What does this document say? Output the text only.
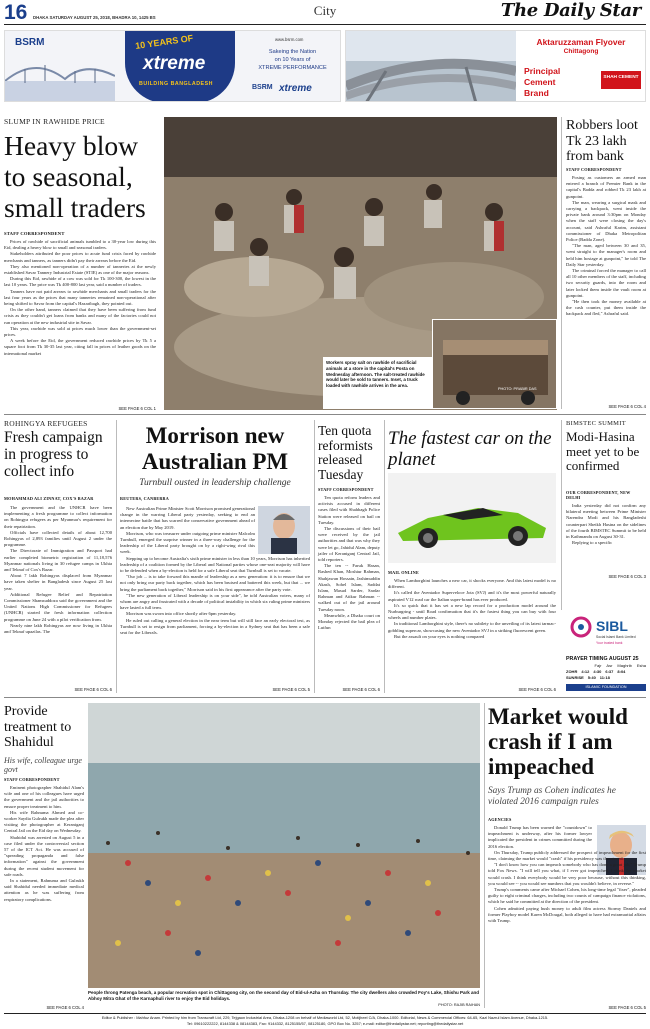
16 DHAKA SATURDAY AUGUST 25, 2018, BHADRA 10, 1425 BS	City	The Daily Star
BSRM	10 YEARS OF
xtreme
BUILDING BANGLADESH
www.bsrm.com
Sakeing the Nation
on 10 Years of
XTREME PERFORMANCE
BSRM xtreme
Aktaruzzaman Flyover
Chittagong
Principal
Cement
Brand
SHAH CEMENT
SLUMP IN RAWHIDE PRICE
Heavy blow to seasonal, small traders
STAFF CORRESPONDENT

Prices of rawhide of sacrificial animals tumbled to a 30-year low during this Eid, dealing a heavy blow to small and seasonal traders.

Stakeholders attributed the poor prices to acute fund crisis faced by rawhide merchants and tanners, as tanners didn't pay their arrears before the Eid.

They also mentioned non-operation of a number of tanneries at the newly established Savar Tannery Industrial Estate (STIE) as one of the major reasons.

During this Eid, rawhide of a cow was sold for Tk 100-300, the lowest in the last 10 years. The price was Tk 400-800 last year, said a number of traders.

Tanners have not paid arrears to rawhide merchants and small traders for the last four years as the prices that many tanneries remained non-operational after being shifted to Savar from the capital's Hazaribagh, they pointed out.

On the other hand, tanners claimed that they have been suffering from fund crisis as they couldn't get loans from banks and many of the factories could not run operation at the new industrial site in Savar.

This year, rawhide was sold at prices much lower than the government-set prices.

A week before the Eid, the government reduced rawhide prices by Tk 5 a square foot from Tk 30-35 last year, citing fall in prices of leather goods on the international market

SEE PAGE 6 COL 1
Workers spray salt on rawhide of sacrificial animals at a store in the capital's Posta on Wednesday afternoon. The salt-treated rawhide would later be sold to tanners. Inset, a truck loaded with rawhide arrives in the area.
PHOTO: PRABIR DAS
Robbers loot Tk 23 lakh from bank
STAFF CORRESPONDENT

Posing as customers an armed man entered a branch of Premier Bank in the capital's Badda and robbed Tk 23 lakh at gunpoint.

The man, wearing a surgical mask and carrying a backpack, went inside the private bank around 3:30pm on Monday when the staff were closing the day's account, said Ashraful Karim, assistant commissioner of Dhaka Metropolitan Police (Badda Zone).

"The man, aged between 30 and 35, went straight to the manager's room and held him hostage at gunpoint," he told The Daily Star yesterday.

The criminal forced the manager to call all 10 other members of the staff, including two security guards, into the room and later locked them inside the vault room at gunpoint.

"He then took the money available at the cash counter, put them inside the backpack and fled," Ashraful said.

SEE PAGE 6 COL 4
ROHINGYA REFUGEES
Fresh campaign in progress to collect info
MOHAMMAD ALI ZINNAT, COX'S BAZAR

The government and the UNHCR have been implementing a fresh programme to collect information on Rohingya refugees as per Myanmar's requirement for their repatriation.

Officials have collected details of about 12,700 Rohingyas of 2,893 families until August 2 under the programme.

The Directorate of Immigration and Passport had earlier completed biometric registration of 11,18,576 Myanmar nationals living in 30 refugee camps in Ukhia and Teknaf of Cox's Bazar.

About 7 lakh Rohingyas displaced from Myanmar have taken shelter in Bangladesh since August 25 last year.

Additional Refugee Relief and Repatriation Commissioner Shamsuddoza said the government and the United Nations High Commissioner for Refugees (UNHCR) started the fresh information collection programme on June 24 with a pilot verification from.

Nearly nine lakh Rohingyas are now living in Ukhia and Teknaf upazilas. The

SEE PAGE 6 COL 6
Morrison new Australian PM
Turnbull ousted in leadership challenge
REUTERS, CANBERRA

New Australian Prime Minister Scott Morrison promised generational change in the warring Liberal party yesterday, seeking to end an internecine battle that has scarred the conservative government ahead of an election due by May 2019.

Morrison, who was treasurer under outgoing prime minister Malcolm Turnbull, emerged the surprise winner in a three-way challenge for the leadership of the Liberal party brought on by a right-wing rival this week.

Stepping up to become Australia's sixth prime minister in less than 10 years, Morrison has inherited leadership of a coalition formed by the Liberal and National parties whose one-seat majority will have to be defended when a by-election is held for a safe Liberal seat that Turnbull is set to vacate.

"Our job ... is to take forward this mantle of leadership as a new generation: it is to ensure that we not only bring our party back together, which has been bruised and battered this week, but that ... we bring the parliament back together," Morrison said in his first appearance after the party vote.

"The new generation of Liberal leadership is on your side", he told Australian voters, many of whom are angry and frustrated with a decade of political instability in which six ruling prime ministers have lasted a full term.

Morrison was sworn into office shortly after 6pm yesterday.

He ruled out calling a general election in the near term but will still face an early electoral test, as Turnbull is set to resign from parliament, forcing a by-election in a Sydney seat that has been a safe seat for the Liberals.

SEE PAGE 6 COL 5
Ten quota reformists released Tuesday
STAFF CORRESPONDENT

Ten quota reform leaders and activists accused in different cases filed with Shahbagh Police Station were released on bail on Tuesday.

The discussions of their bail were received by the jail authorities and that was why they were let go, Jahidul Alam, deputy jailer of Keraniganj Central Jail, told reporters.

The ten -- Faruk Hasan, Rashed Khan, Moshiur Rahman, Shahjawan Hossain, Jashimuddin Akash, Sohel Islam, Saddat Islam, Masud Sarder, Sardar Rahman and Atikur Rahman -- walked out of the jail around Tuesday noon.

Meanwhile, a Dhaka court on Monday rejected the bail plea of Lutfun

SEE PAGE 6 COL 6
The fastest car on the planet
MAIL ONLINE

When Lamborghini launches a new car, it shocks everyone. And this latest model is no different.

It's called the Aventador Superveloce Jota (SVJ) and it's the most powerful naturally aspirated V12 road car the Italian super-brand has ever produced.

It's so quick that it has set a new lap record for a production model around the Nurburgring - until Road confirmation that it's the fastest thing you can buy with four wheels and number plates.

In traditional Lamborghini style, there's no subtlety to the unveiling of its latest tarmac-gobbling supercar, showcasing the new Aventador SVJ in a striking fluorescent green.

But the assault on your eyes is nothing compared

SEE PAGE 6 COL 6
BIMSTEC SUMMIT
Modi-Hasina meet yet to be confirmed
OUR CORRESPONDENT, NEW DELHI

India yesterday did not confirm any bilateral meeting between Prime Minister Narendra Modi and his Bangladeshi counterpart Sheikh Hasina on the sidelines of the fourth BIMSTEC Summit to be held in Kathmandu on August 30-31.

Replying to a specific

SEE PAGE 6 COL 3
SIBL
Social Islami Bank Limited
Your trusted bank
PRAYER TIMING AUGUST 25
Fajr Asr Maghrib Esha
ZOHR 4:12 4:30 6:37 8:04
SUNRISE 5:40 11:18
ISLAMIC FOUNDATION
Provide treatment to Shahidul
His wife, colleague urge govt
STAFF CORRESPONDENT

Eminent photographer Shahidul Alam's wife and one of his colleagues have urged the government and the jail authorities to ensure proper treatment to him.

His wife Rahnuma Ahmed and co-worker Saydia Gulrukh made the plea after visiting the photographer at Keraniganj Central Jail on the Eid day on Wednesday.

Shahidul was arrested on August 5 in a case filed under the controversial section 57 of the ICT Act. He was accused of "spreading propaganda and false information" against the government during the recent student movement for safe roads.

In a statement, Rahnuma and Gulrukh said Shahidul needed immediate medical attention as he was suffering from respiratory complications.

SEE PAGE 6 COL 4
People throng Patenga beach, a popular recreation spot in Chittagong city, on the second day of Eid-ul-Azha on Thursday. The city dwellers also crowded Foy's Lake, Shishu Park and Abhoy Mitra Ghat of the Karnaphuli river to enjoy the Eid holidays.
PHOTO: RAJIB RAIHAN
Market would crash if I am impeached
Says Trump as Cohen indicates he violated 2016 campaign rules
AGENCIES

Donald Trump has been warned the "countdown" to impeachment is underway, after his former lawyer implicated the president in crimes committed during the 2016 election.

On Thursday, Trump publicly addressed the prospect of impeachment for the first time, claiming the market would "crash" if his presidency was threatened.

"I don't know how you can impeach somebody who has done a great job," Trump told Fox News. "I will tell you what, if I ever got impeached, I think the market would crash. I think everybody would be very poor because, without this thinking, you would see -- you would see numbers that you wouldn't believe, in reverse."

Trump's comments came after Michael Cohen, his long-time legal "fixer", pleaded guilty to eight criminal charges, including two counts of campaign finance violations, which he said he committed at the direction of the president.

Cohen admitted paying hush money to adult film actress Stormy Daniels and former Playboy model Karen McDougal, both alleged to have had extramarital affairs with Trump.

SEE PAGE 6 COL 5
Editor & Publisher : Mahfuz Anam. Printed by him from Transcraft Ltd, 229, Tejgaon Industrial Area, Dhaka-1208 on behalf of Mediaworld Ltd, 52, Motijheel C/A, Dhaka-1000. Editorial, News & Commercial Offices: 64-65, Kazi Nazrul Islam Avenue, Dhaka-1215.
Tel: 09610222222, 8144338 & 08144383, Fax: 9144332, 8125155/57, 08125180, GPO Box No. 3257; e-mail: editor@thedailystar.net; reporting@thedailystar.net
